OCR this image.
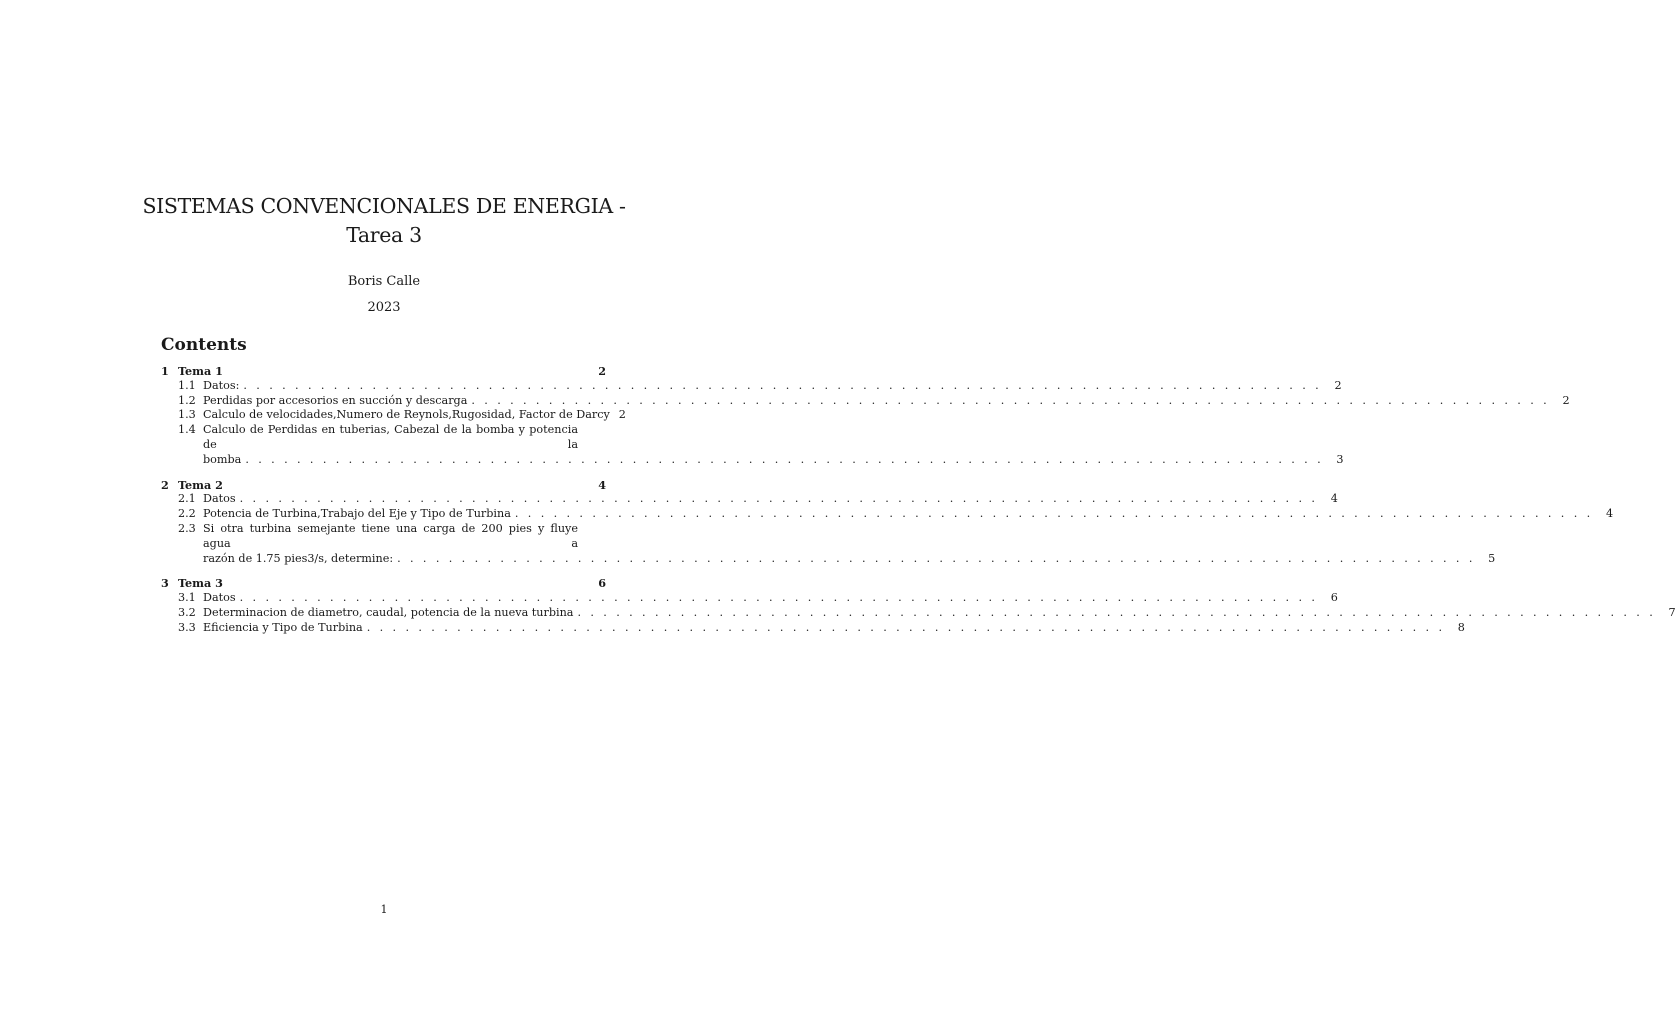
SISTEMAS CONVENCIONALES DE ENERGIA -
Tarea 3
Boris Calle
2023
Contents
1 Tema 1	2
1.1 Datos: . . .	2
1.2 Perdidas por accesorios en succión y descarga . . .	2
1.3 Calculo de velocidades,Numero de Reynols,Rugosidad, Factor de Darcy 2
1.4 Calculo de Perdidas en tuberias, Cabezal de la bomba y potencia de la
bomba . . .	3
2 Tema 2	4
2.1 Datos . . .	4
2.2 Potencia de Turbina,Trabajo del Eje y Tipo de Turbina . . .	4
2.3 Si otra turbina semejante tiene una carga de 200 pies y fluye agua a
razón de 1.75 pies3/s, determine: . . .	5
3 Tema 3	6
3.1 Datos . . .	6
3.2 Determinacion de diametro, caudal, potencia de la nueva turbina . . .	7
3.3 Eficiencia y Tipo de Turbina . . .	8
1
